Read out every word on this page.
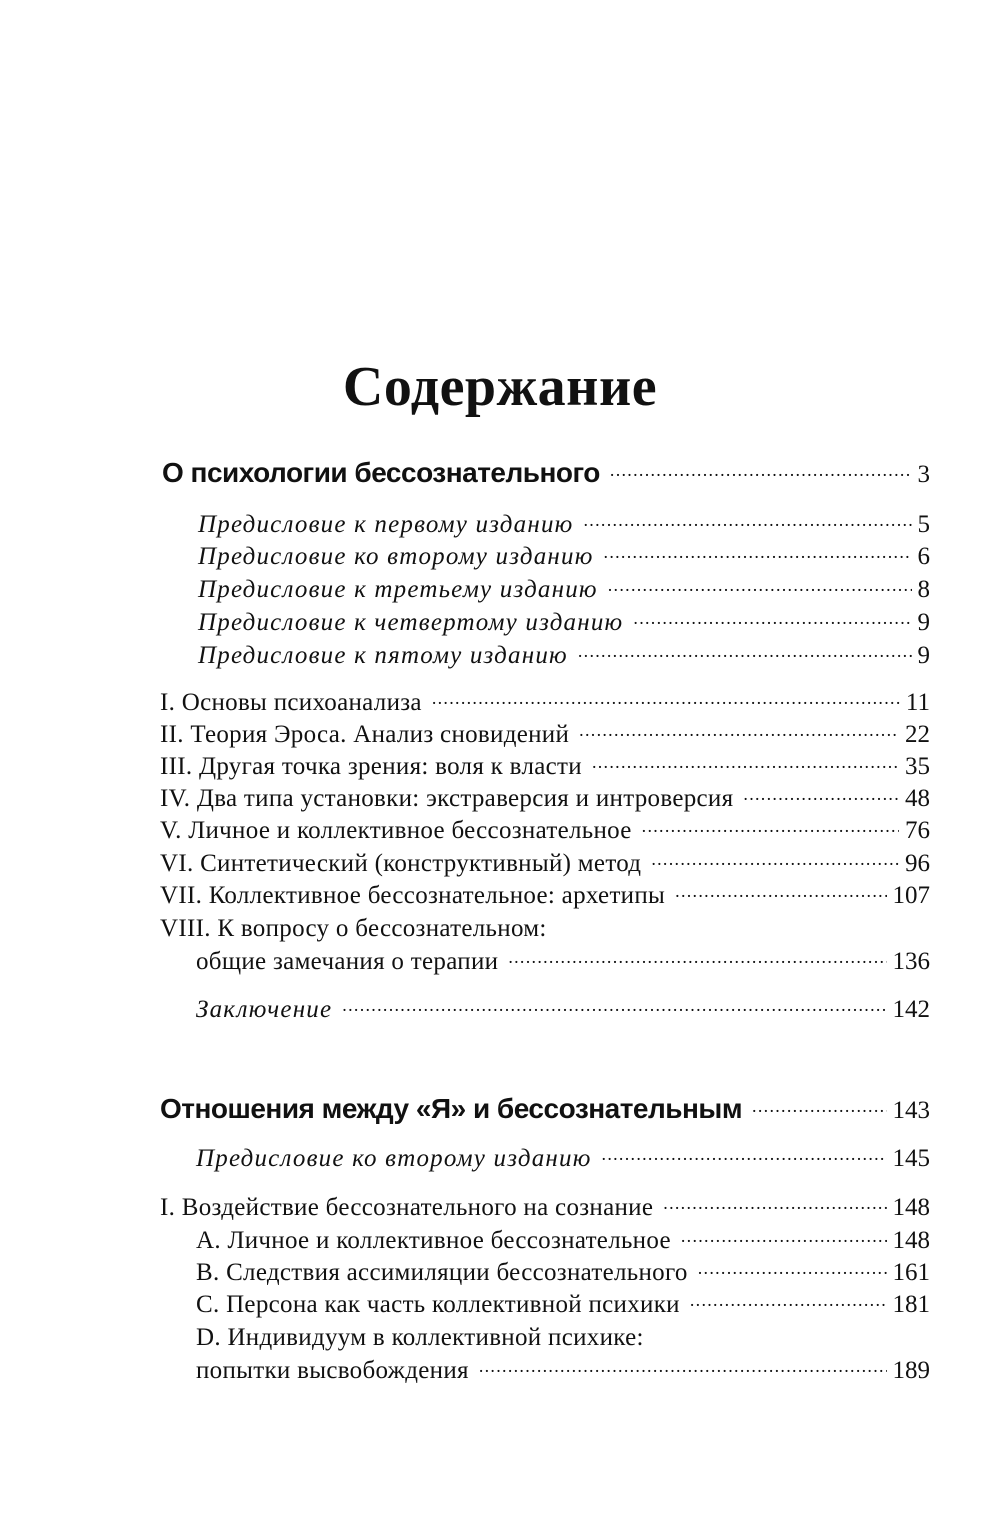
Содержание
О психологии бессознательного . . .	3
Предисловие к первому изданию . . .	5
Предисловие ко второму изданию . . .	6
Предисловие к третьему изданию . . .	8
Предисловие к четвертому изданию . . .	9
Предисловие к пятому изданию . . .	9
I. Основы психоанализа . . .	11
II. Теория Эроса. Анализ сновидений . . .	22
III. Другая точка зрения: воля к власти . . .	35
IV. Два типа установки: экстраверсия и интроверсия . . .	48
V. Личное и коллективное бессознательное . . .	76
VI. Синтетический (конструктивный) метод . . .	96
VII. Коллективное бессознательное: архетипы . . .	107
VIII. К вопросу о бессознательном:
общие замечания о терапии . . .	136
Заключение . . .	142
Отношения между «Я» и бессознательным . . .	143
Предисловие ко второму изданию . . .	145
I. Воздействие бессознательного на сознание . . .	148
A. Личное и коллективное бессознательное . . .	148
B. Следствия ассимиляции бессознательного . . .	161
C. Персона как часть коллективной психики . . .	181
D. Индивидуум в коллективной психике:
попытки высвобождения . . .	189
